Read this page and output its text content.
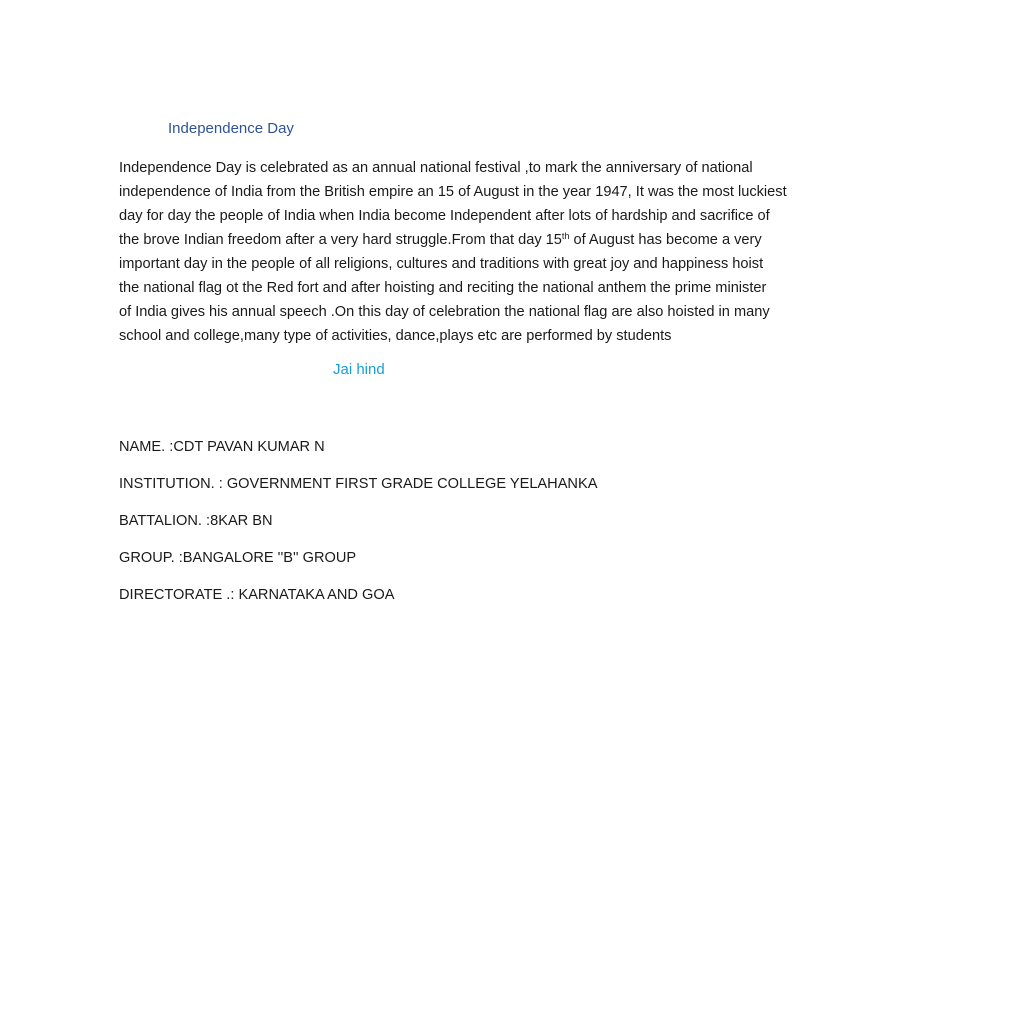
Independence Day
Independence Day is celebrated as an annual national festival ,to mark the anniversary of national
independence of India from the British empire an 15 of August in the year 1947, It was the most luckiest
day for day the people of India when India become Independent after lots of hardship and sacrifice of
the brove Indian freedom after a very hard struggle.From that day 15th of August has become a very
important day in the people of all religions, cultures and traditions with great joy and happiness hoist
the national flag ot the Red fort and after hoisting and reciting the national anthem the prime minister
of India gives his annual speech .On this day of celebration the national flag are also hoisted in many
school and college,many type of activities, dance,plays etc are performed by students
Jai hind
NAME. :CDT PAVAN KUMAR N
INSTITUTION. : GOVERNMENT FIRST GRADE COLLEGE YELAHANKA
BATTALION. :8KAR BN
GROUP. :BANGALORE ''B'' GROUP
DIRECTORATE .: KARNATAKA AND GOA
